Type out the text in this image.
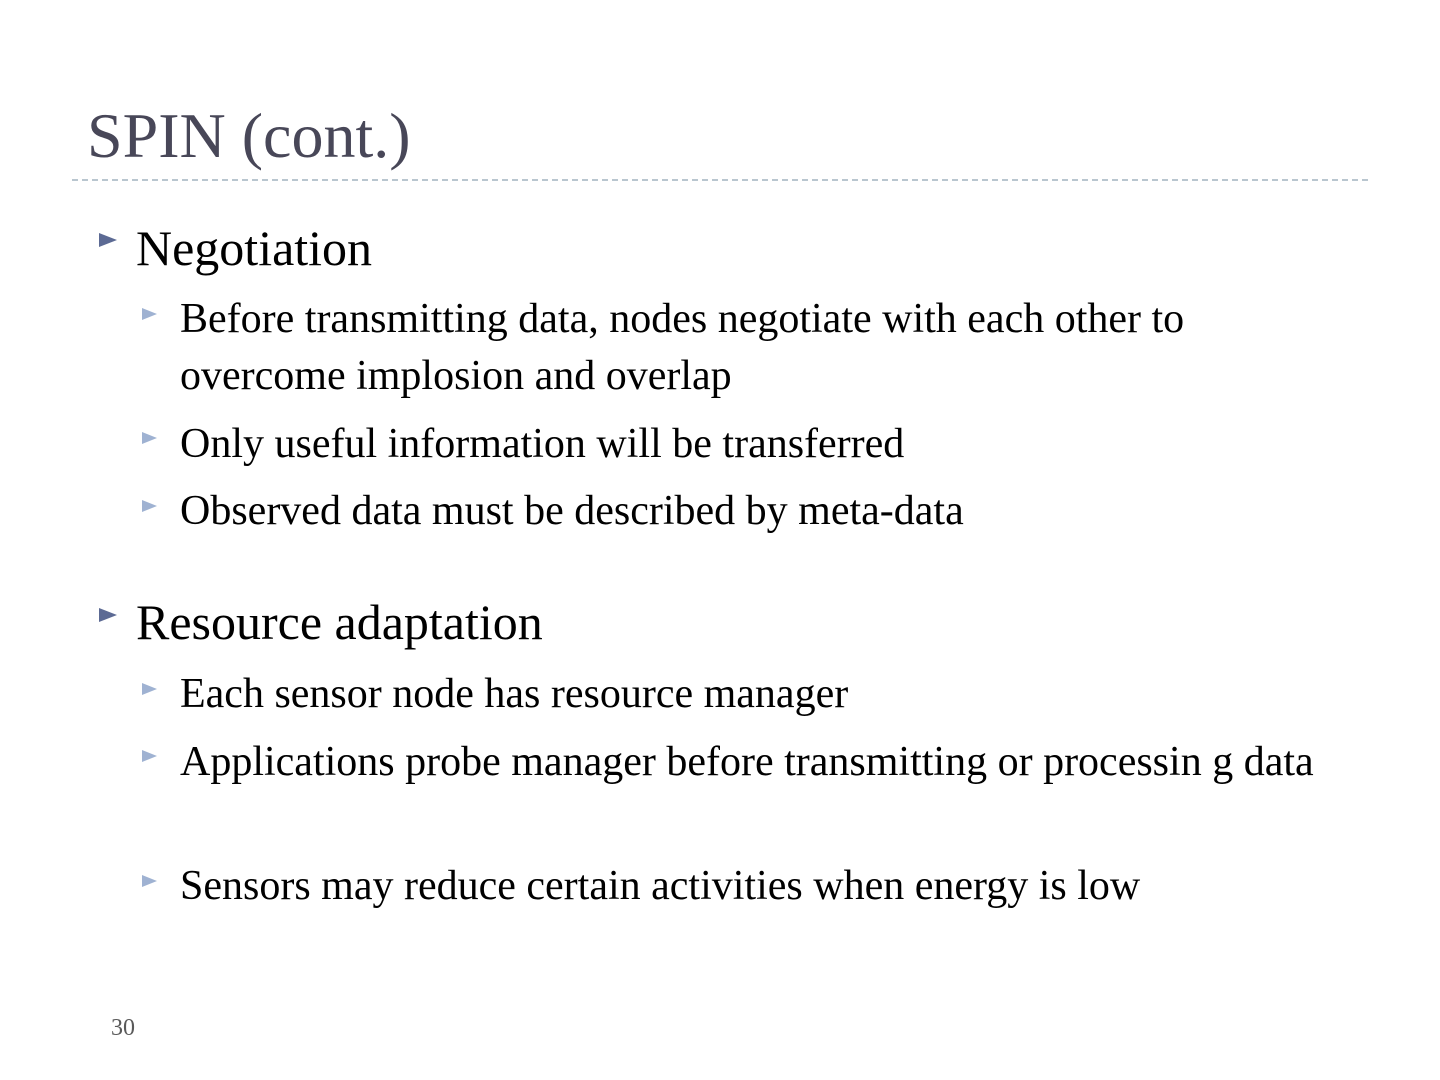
SPIN (cont.)
Negotiation
Before transmitting data, nodes negotiate with each other to overcome implosion and overlap
Only useful information will be transferred
Observed data must be described by meta-data
Resource adaptation
Each sensor node has resource manager
Applications probe manager before transmitting or processin g data
Sensors may reduce certain activities when energy is low
30
